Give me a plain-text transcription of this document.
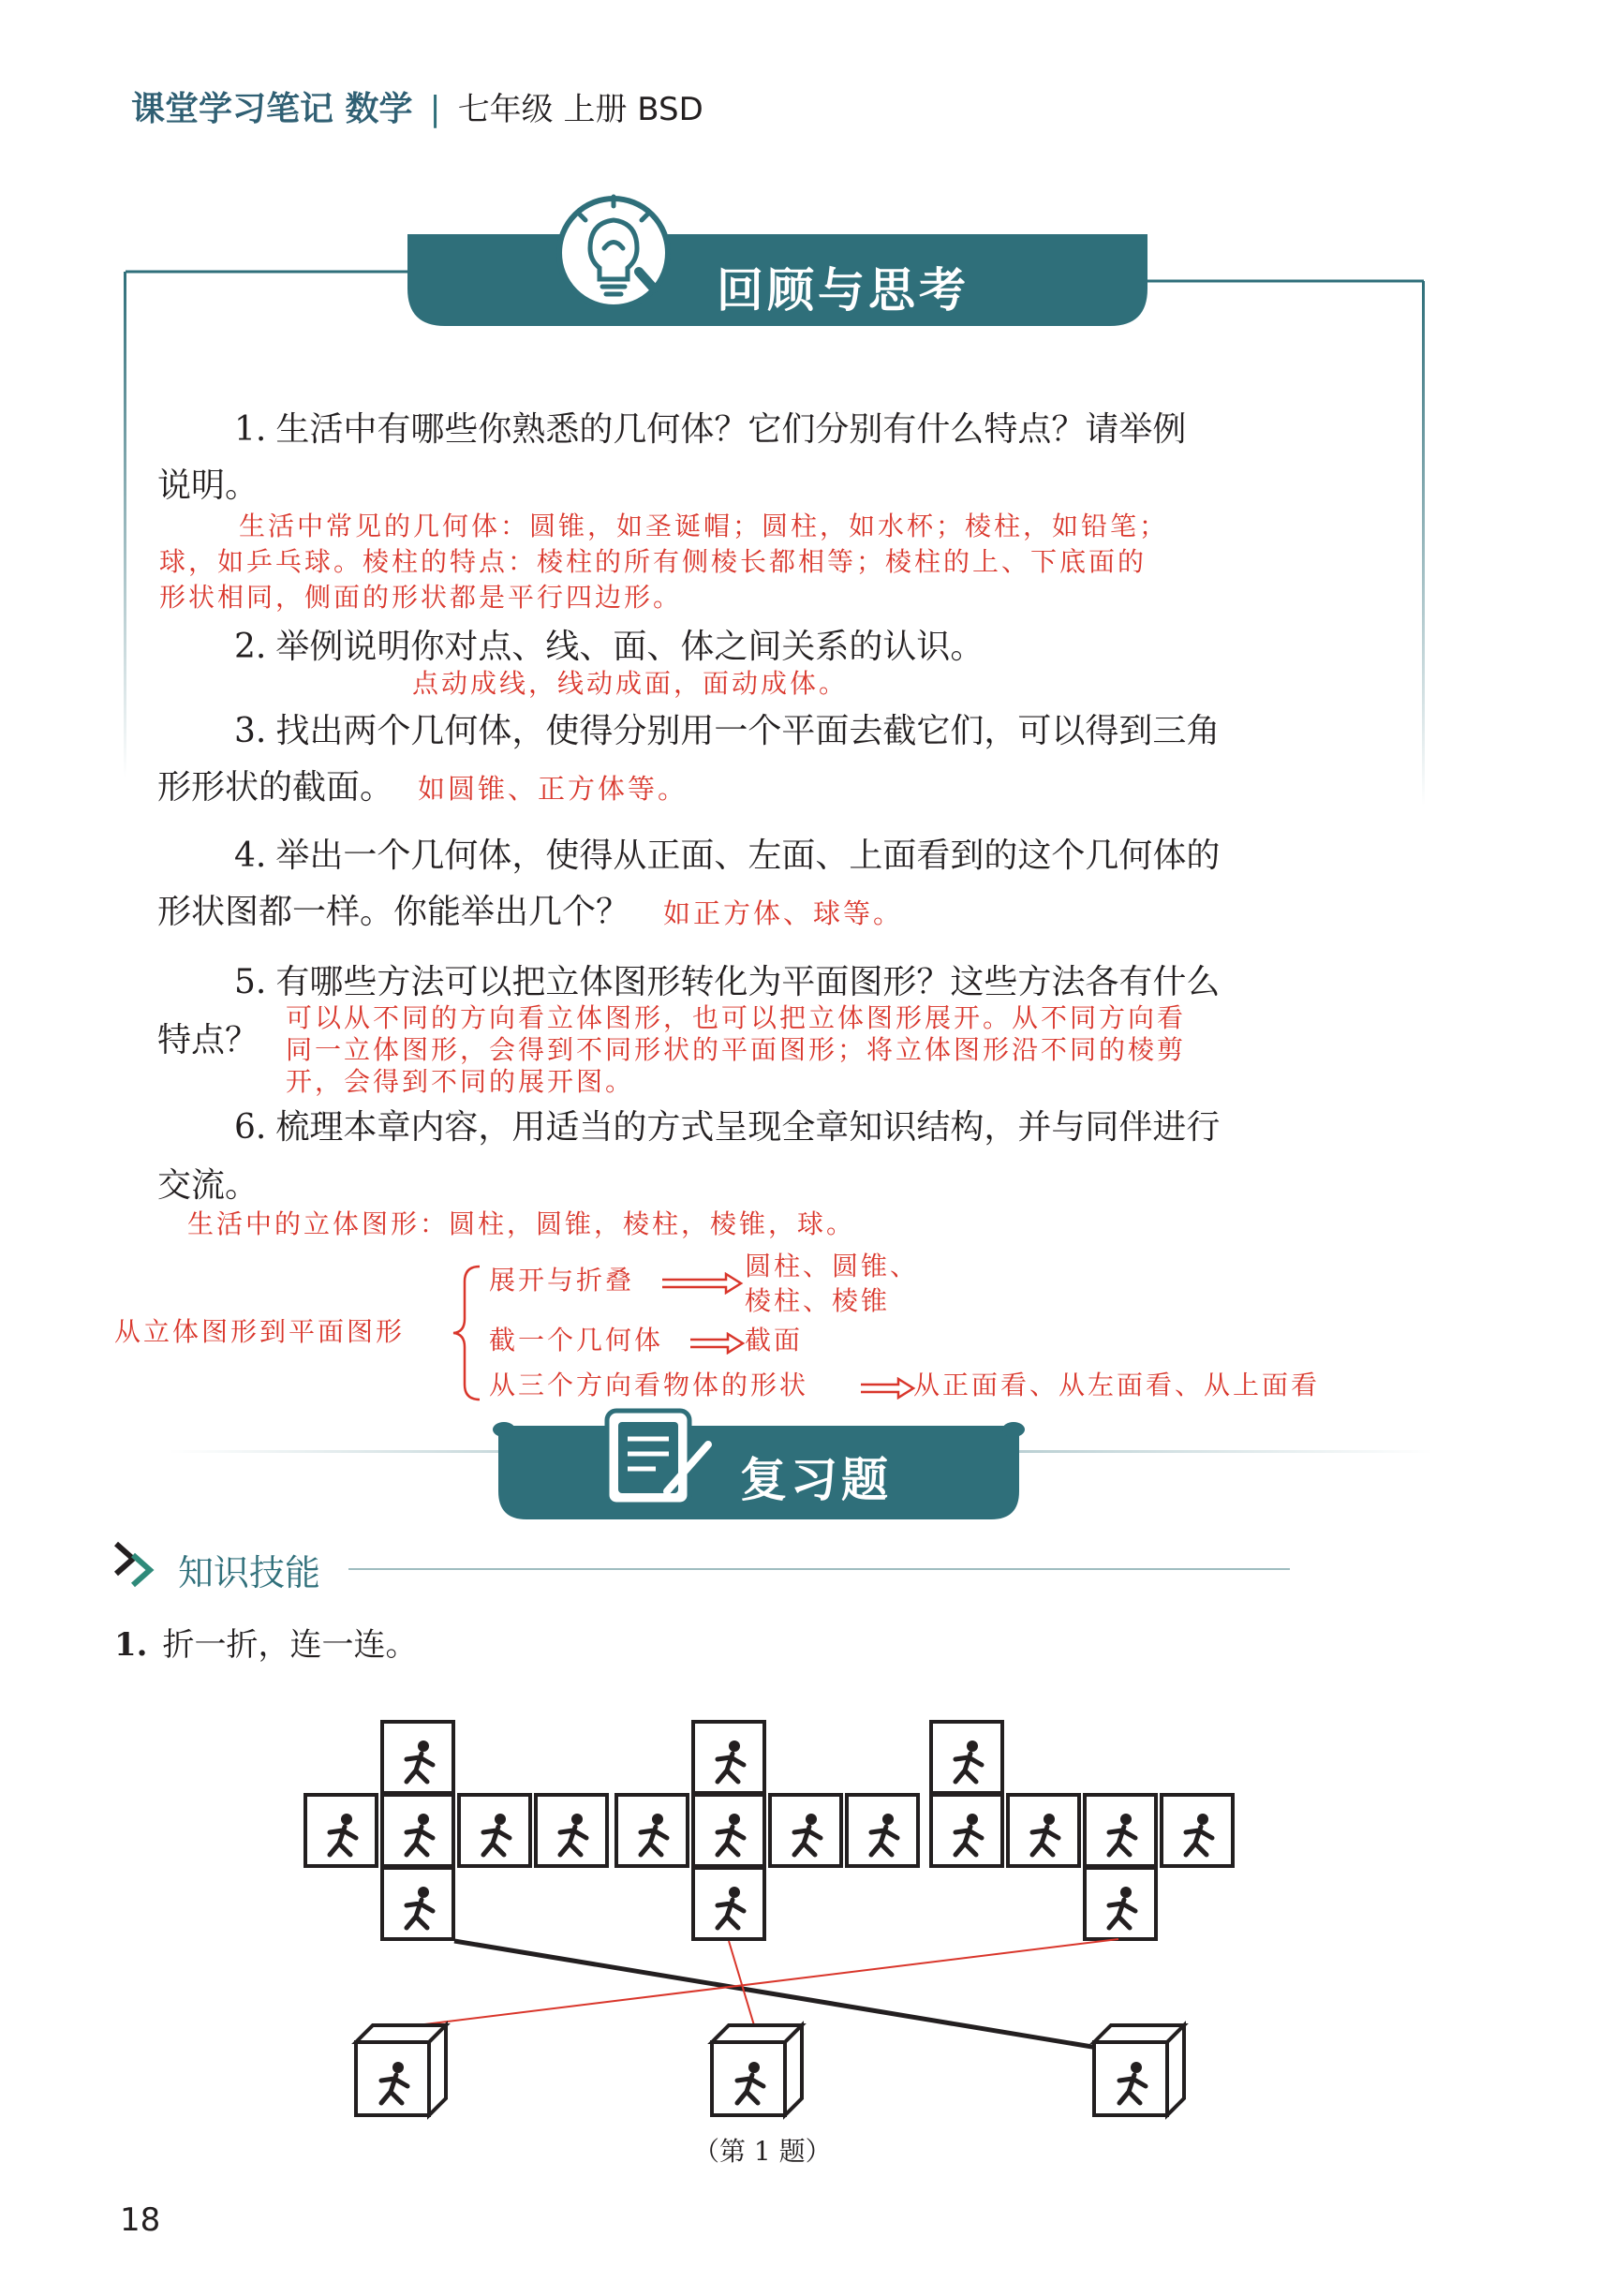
课堂学习笔记 数学 | 七年级 上册 BSD
回顾与思考
1. 生活中有哪些你熟悉的几何体？它们分别有什么特点？请举例
说明。
生活中常见的几何体：圆锥，如圣诞帽；圆柱，如水杯；棱柱，如铅笔；
球，如乒乓球。棱柱的特点：棱柱的所有侧棱长都相等；棱柱的上、下底面的
形状相同，侧面的形状都是平行四边形。
2. 举例说明你对点、线、面、体之间关系的认识。
点动成线，线动成面，面动成体。
3. 找出两个几何体，使得分别用一个平面去截它们，可以得到三角
形形状的截面。 如圆锥、正方体等。
4. 举出一个几何体，使得从正面、左面、上面看到的这个几何体的
形状图都一样。你能举出几个？ 如正方体、球等。
5. 有哪些方法可以把立体图形转化为平面图形？这些方法各有什么
特点？
可以从不同的方向看立体图形，也可以把立体图形展开。从不同方向看
同一立体图形，会得到不同形状的平面图形；将立体图形沿不同的棱剪
开，会得到不同的展开图。
6. 梳理本章内容，用适当的方式呈现全章知识结构，并与同伴进行
交流。
生活中的立体图形：圆柱，圆锥，棱柱，棱锥，球。
从立体图形到平面图形
展开与折叠	圆柱、圆锥、
棱柱、棱锥
截一个几何体	截面
从三个方向看物体的形状	从正面看、从左面看、从上面看
复习题
知识技能
1. 折一折，连一连。
（第 1 题）
18
